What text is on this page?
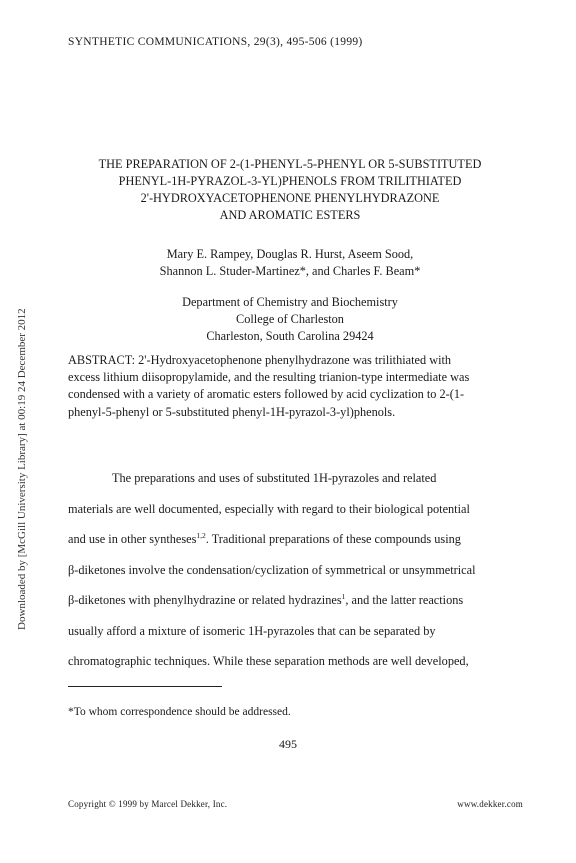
SYNTHETIC COMMUNICATIONS, 29(3), 495-506 (1999)
THE PREPARATION OF 2-(1-PHENYL-5-PHENYL OR 5-SUBSTITUTED
PHENYL-1H-PYRAZOL-3-YL)PHENOLS FROM TRILITHIATED
2'-HYDROXYACETOPHENONE PHENYLHYDRAZONE
AND AROMATIC ESTERS
Mary E. Rampey, Douglas R. Hurst, Aseem Sood,
Shannon L. Studer-Martinez*, and Charles F. Beam*
Department of Chemistry and Biochemistry
College of Charleston
Charleston, South Carolina 29424
ABSTRACT: 2'-Hydroxyacetophenone phenylhydrazone was trilithiated with
excess lithium diisopropylamide, and the resulting trianion-type intermediate was
condensed with a variety of aromatic esters followed by acid cyclization to 2-(1-
phenyl-5-phenyl or 5-substituted phenyl-1H-pyrazol-3-yl)phenols.
The preparations and uses of substituted 1H-pyrazoles and related
materials are well documented, especially with regard to their biological potential
and use in other syntheses$^{1,2}$. Traditional preparations of these compounds using
β-diketones involve the condensation/cyclization of symmetrical or unsymmetrical
β-diketones with phenylhydrazine or related hydrazines$^1$, and the latter reactions
usually afford a mixture of isomeric 1H-pyrazoles that can be separated by
chromatographic techniques. While these separation methods are well developed,
*To whom correspondence should be addressed.
495
Copyright © 1999 by Marcel Dekker, Inc.	www.dekker.com
Downloaded by [McGill University Library] at 00:19 24 December 2012
